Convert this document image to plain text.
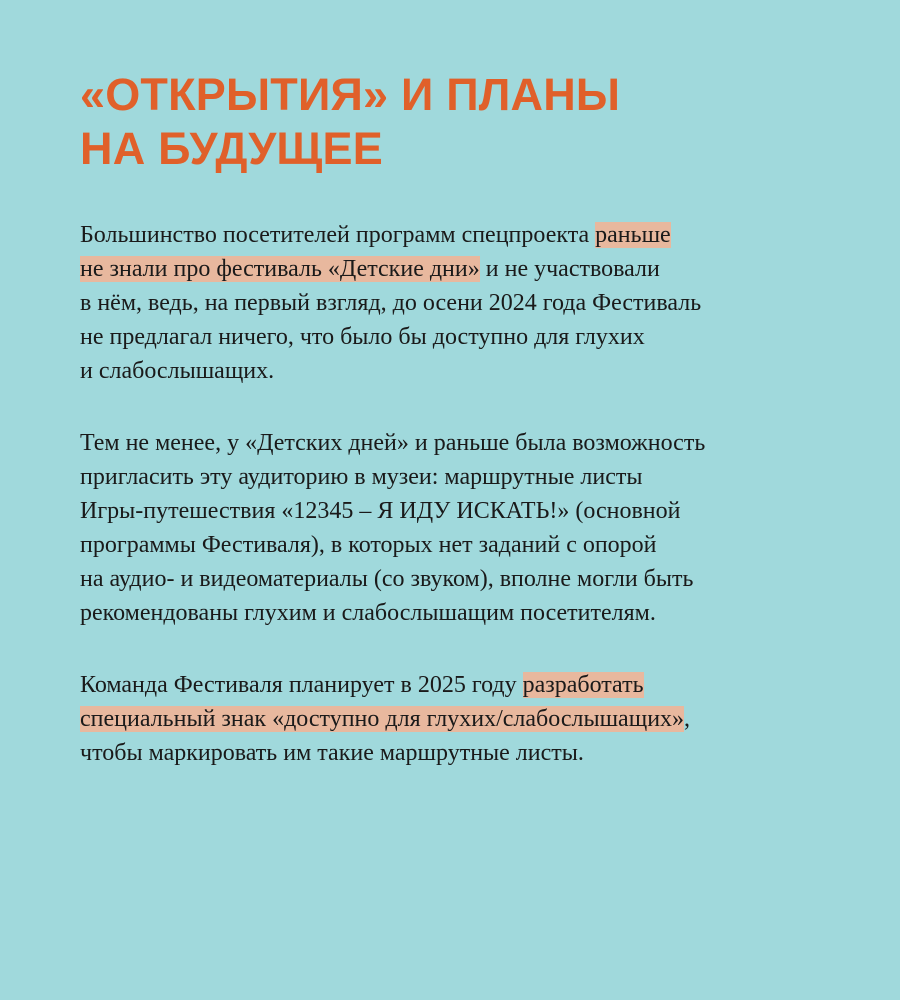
«ОТКРЫТИЯ» И ПЛАНЫ
НА БУДУЩЕЕ

Большинство посетителей программ спецпроекта раньше
не знали про фестиваль «Детские дни» и не участвовали
в нём, ведь, на первый взгляд, до осени 2024 года Фестиваль
не предлагал ничего, что было бы доступно для глухих
и слабослышащих.

Тем не менее, у «Детских дней» и раньше была возможность
пригласить эту аудиторию в музеи: маршрутные листы
Игры-путешествия «12345 – Я ИДУ ИСКАТЬ!» (основной
программы Фестиваля), в которых нет заданий с опорой
на аудио- и видеоматериалы (со звуком), вполне могли быть
рекомендованы глухим и слабослышащим посетителям.

Команда Фестиваля планирует в 2025 году разработать
специальный знак «доступно для глухих/слабослышащих»,
чтобы маркировать им такие маршрутные листы.
